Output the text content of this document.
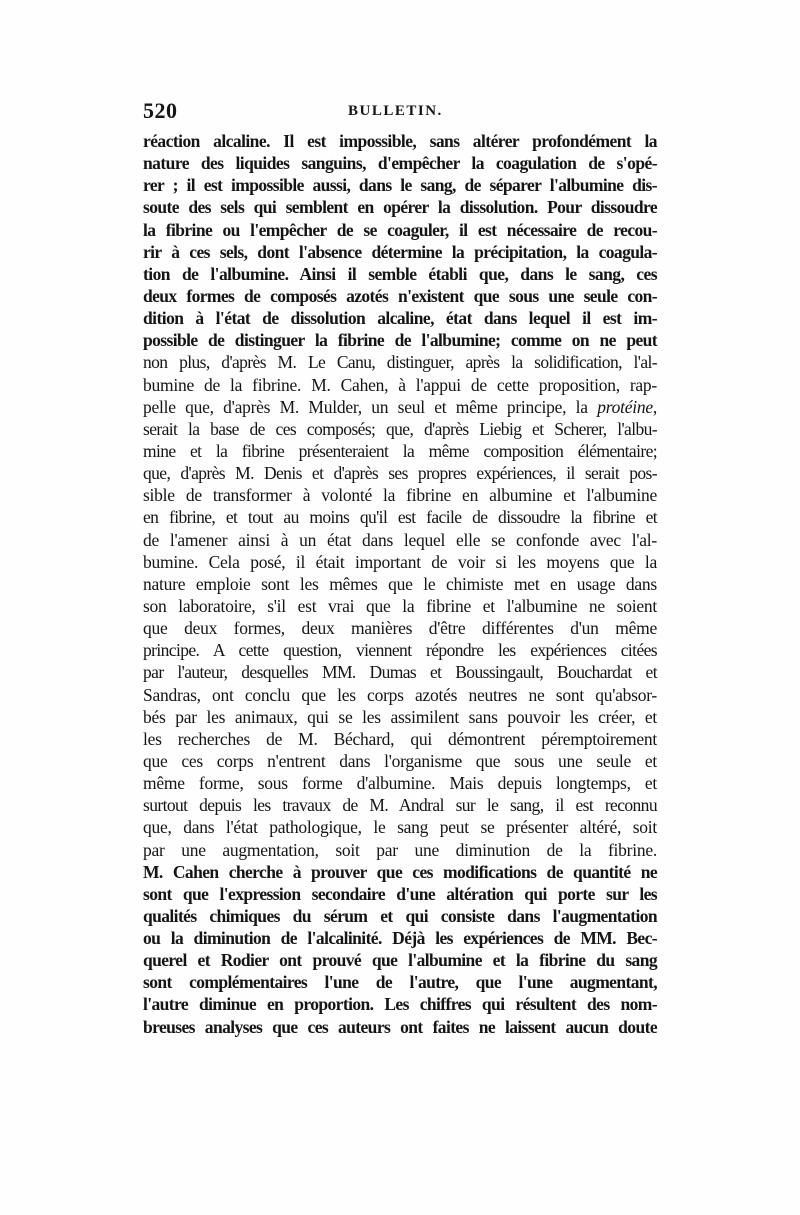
520	BULLETIN.
réaction alcaline. Il est impossible, sans altérer profondément la
nature des liquides sanguins, d'empêcher la coagulation de s'opé-
rer ; il est impossible aussi, dans le sang, de séparer l'albumine dis-
soute des sels qui semblent en opérer la dissolution. Pour dissoudre
la fibrine ou l'empêcher de se coaguler, il est nécessaire de recou-
rir à ces sels, dont l'absence détermine la précipitation, la coagula-
tion de l'albumine. Ainsi il semble établi que, dans le sang, ces
deux formes de composés azotés n'existent que sous une seule con-
dition à l'état de dissolution alcaline, état dans lequel il est im-
possible de distinguer la fibrine de l'albumine; comme on ne peut
non plus, d'après M. Le Canu, distinguer, après la solidification, l'al-
bumine de la fibrine. M. Cahen, à l'appui de cette proposition, rap-
pelle que, d'après M. Mulder, un seul et même principe, la protéine,
serait la base de ces composés; que, d'après Liebig et Scherer, l'albu-
mine et la fibrine présenteraient la même composition élémentaire;
que, d'après M. Denis et d'après ses propres expériences, il serait pos-
sible de transformer à volonté la fibrine en albumine et l'albumine
en fibrine, et tout au moins qu'il est facile de dissoudre la fibrine et
de l'amener ainsi à un état dans lequel elle se confonde avec l'al-
bumine. Cela posé, il était important de voir si les moyens que la
nature emploie sont les mêmes que le chimiste met en usage dans
son laboratoire, s'il est vrai que la fibrine et l'albumine ne soient
que deux formes, deux manières d'être différentes d'un même
principe. A cette question, viennent répondre les expériences citées
par l'auteur, desquelles MM. Dumas et Boussingault, Bouchardat et
Sandras, ont conclu que les corps azotés neutres ne sont qu'absor-
bés par les animaux, qui se les assimilent sans pouvoir les créer, et
les recherches de M. Béchard, qui démontrent péremptoirement
que ces corps n'entrent dans l'organisme que sous une seule et
même forme, sous forme d'albumine. Mais depuis longtemps, et
surtout depuis les travaux de M. Andral sur le sang, il est reconnu
que, dans l'état pathologique, le sang peut se présenter altéré, soit
par une augmentation, soit par une diminution de la fibrine.
M. Cahen cherche à prouver que ces modifications de quantité ne
sont que l'expression secondaire d'une altération qui porte sur les
qualités chimiques du sérum et qui consiste dans l'augmentation
ou la diminution de l'alcalinité. Déjà les expériences de MM. Bec-
querel et Rodier ont prouvé que l'albumine et la fibrine du sang
sont complémentaires l'une de l'autre, que l'une augmentant,
l'autre diminue en proportion. Les chiffres qui résultent des nom-
breuses analyses que ces auteurs ont faites ne laissent aucun doute
